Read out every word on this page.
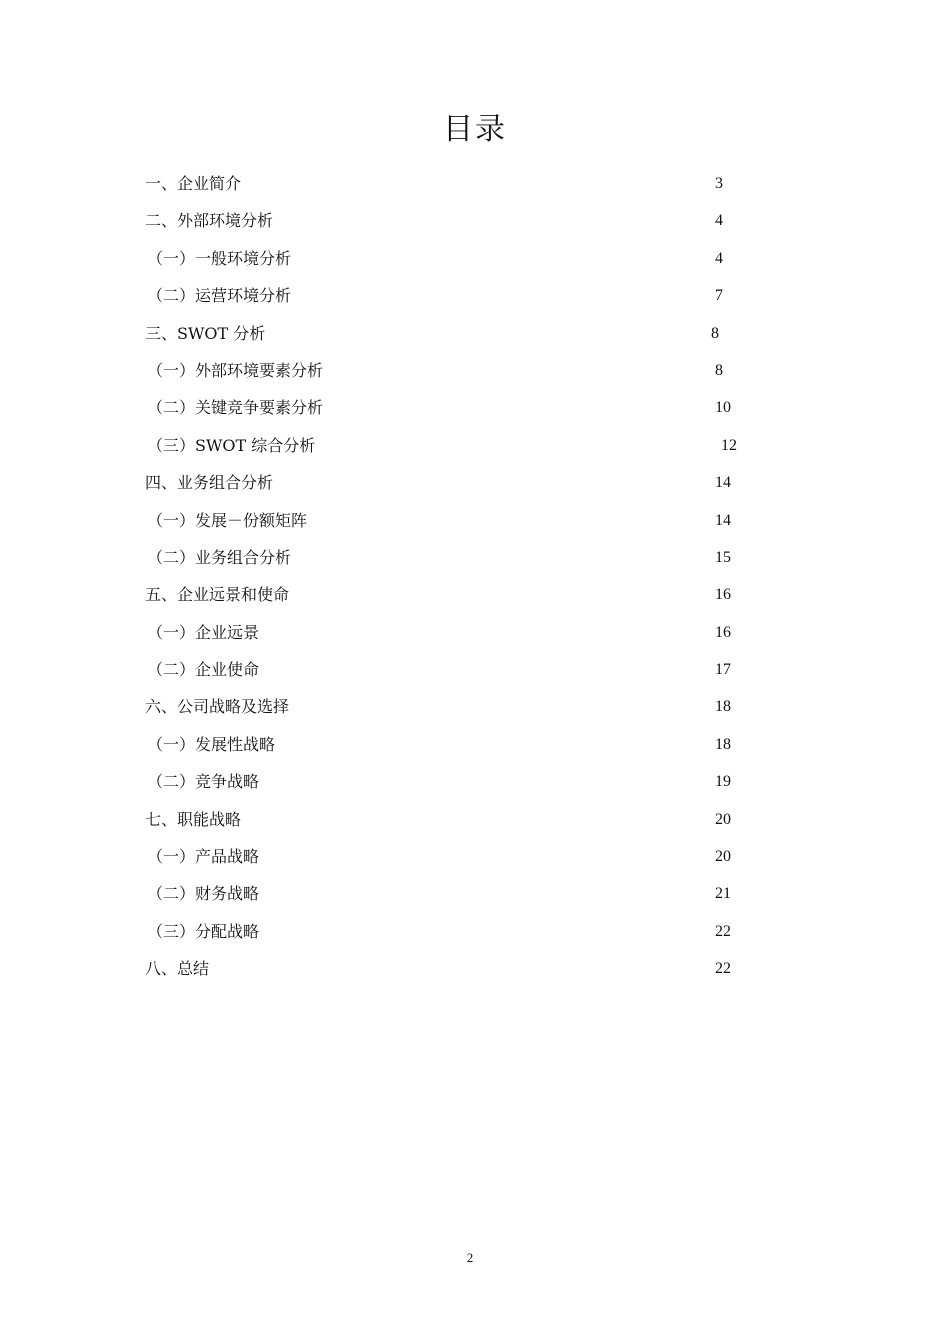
目录
一、企业简介	3
二、外部环境分析	4
（一）一般环境分析	4
（二）运营环境分析	7
三、SWOT 分析	8
（一）外部环境要素分析	8
（二）关键竞争要素分析	10
（三）SWOT 综合分析	12
四、业务组合分析	14
（一）发展－份额矩阵	14
（二）业务组合分析	15
五、企业远景和使命	16
（一）企业远景	16
（二）企业使命	17
六、公司战略及选择	18
（一）发展性战略	18
（二）竞争战略	19
七、职能战略	20
（一）产品战略	20
（二）财务战略	21
（三）分配战略	22
八、总结	22
2
